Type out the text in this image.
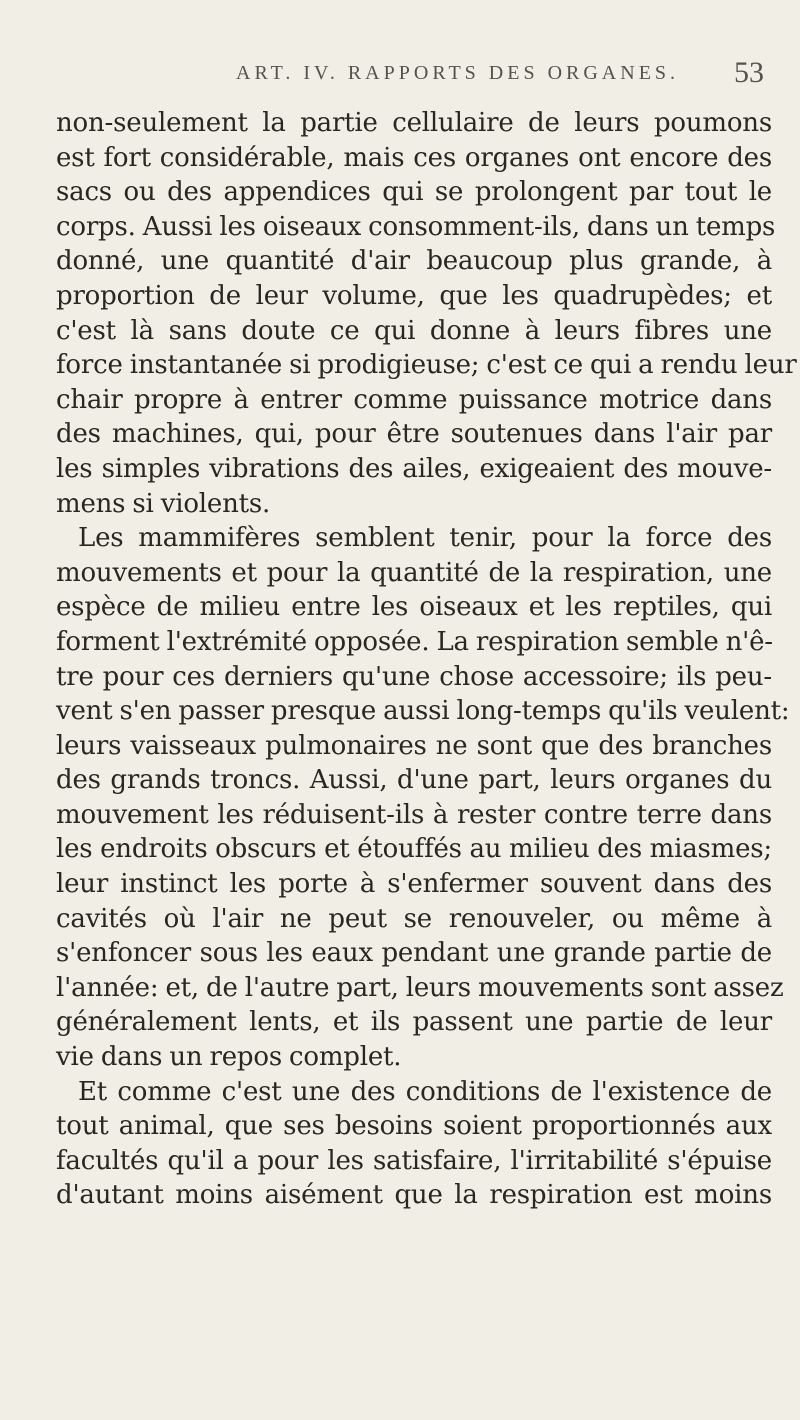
ART. IV. RAPPORTS DES ORGANES. 53
non-seulement la partie cellulaire de leurs poumons
est fort considérable, mais ces organes ont encore des
sacs ou des appendices qui se prolongent par tout le
corps. Aussi les oiseaux consomment-ils, dans un temps
donné, une quantité d'air beaucoup plus grande, à
proportion de leur volume, que les quadrupèdes; et
c'est là sans doute ce qui donne à leurs fibres une
force instantanée si prodigieuse; c'est ce qui a rendu leur
chair propre à entrer comme puissance motrice dans
des machines, qui, pour être soutenues dans l'air par
les simples vibrations des ailes, exigeaient des mouve-
mens si violents.
Les mammifères semblent tenir, pour la force des
mouvements et pour la quantité de la respiration, une
espèce de milieu entre les oiseaux et les reptiles, qui
forment l'extrémité opposée. La respiration semble n'ê-
tre pour ces derniers qu'une chose accessoire; ils peu-
vent s'en passer presque aussi long-temps qu'ils veulent:
leurs vaisseaux pulmonaires ne sont que des branches
des grands troncs. Aussi, d'une part, leurs organes du
mouvement les réduisent-ils à rester contre terre dans
les endroits obscurs et étouffés au milieu des miasmes;
leur instinct les porte à s'enfermer souvent dans des
cavités où l'air ne peut se renouveler, ou même à
s'enfoncer sous les eaux pendant une grande partie de
l'année: et, de l'autre part, leurs mouvements sont assez
généralement lents, et ils passent une partie de leur
vie dans un repos complet.
Et comme c'est une des conditions de l'existence de
tout animal, que ses besoins soient proportionnés aux
facultés qu'il a pour les satisfaire, l'irritabilité s'épuise
d'autant moins aisément que la respiration est moins
